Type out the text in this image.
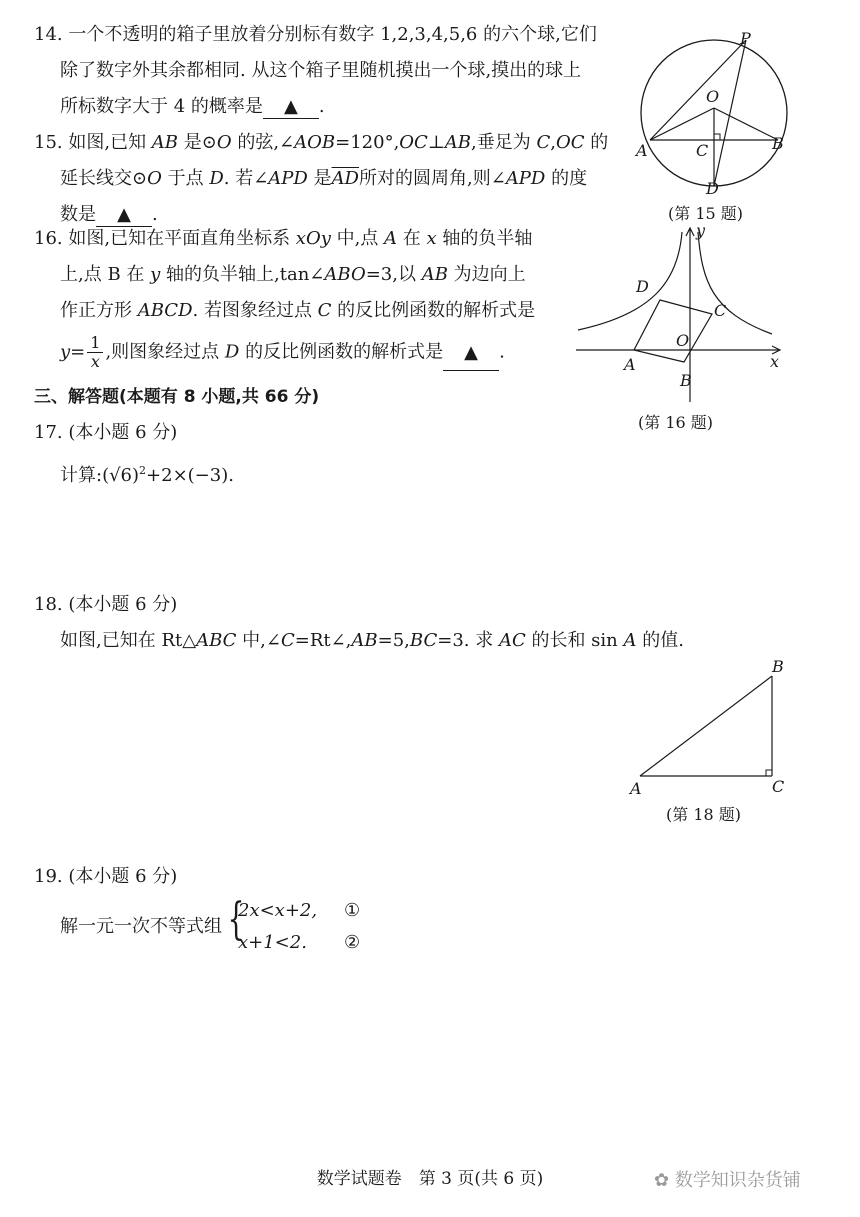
14. 一个不透明的箱子里放着分别标有数字 1,2,3,4,5,6 的六个球,它们
除了数字外其余都相同. 从这个箱子里随机摸出一个球,摸出的球上
所标数字大于 4 的概率是 ▲ .
15. 如图,已知 AB 是⊙O 的弦,∠AOB=120°,OC⊥AB,垂足为 C,OC 的
延长线交⊙O 于点 D. 若∠APD 是$\overline{AD}$所对的圆周角,则∠APD 的度
数是 ▲ .
P
O
A	B
C
D
(第 15 题)
16. 如图,已知在平面直角坐标系 xOy 中,点 A 在 x 轴的负半轴
上,点 B 在 y 轴的负半轴上,tan∠ABO=3,以 AB 为边向上
作正方形 ABCD. 若图象经过点 C 的反比例函数的解析式是
$y= \frac{1}{x}$ ,则图象经过点 D 的反比例函数的解析式是 ▲ .
y
x
D
C
O
A
B
(第 16 题)
三、解答题(本题有 8 小题,共 66 分)
17. (本小题 6 分)
计算$:(√6)^2+2\times(-3)$.
18. (本小题 6 分)
如图,已知在 Rt△ABC 中,∠C=Rt∠,AB=5,BC=3. 求 AC 的长和 sin A 的值.
B
A	C
(第 18 题)
19. (本小题 6 分)
解一元一次不等式组 {
2x<x+2, ①
x+1<2. ②
数学试题卷　第 3 页(共 6 页)	✿ 数学知识杂货铺
